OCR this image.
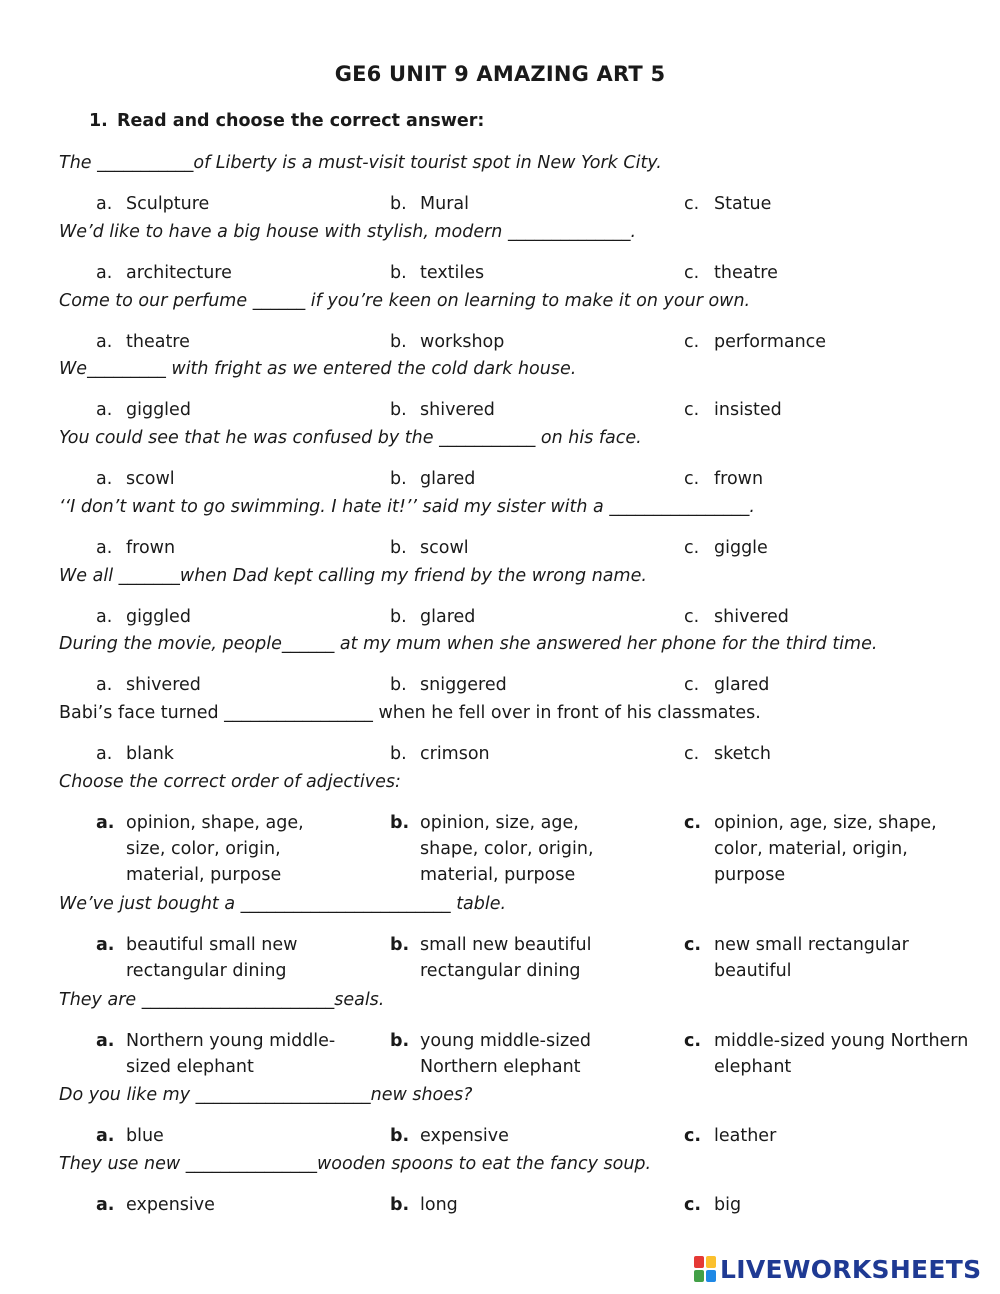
GE6 UNIT 9 AMAZING ART 5
1. Read and choose the correct answer:
The ___________of Liberty is a must-visit tourist spot in New York City.
a. Sculpture	b. Mural	c. Statue
We’d like to have a big house with stylish, modern ______________.
a. architecture	b. textiles	c. theatre
Come to our perfume ______ if you’re keen on learning to make it on your own.
a. theatre	b. workshop	c. performance
We_________ with fright as we entered the cold dark house.
a. giggled	b. shivered	c. insisted
You could see that he was confused by the ___________ on his face.
a. scowl	b. glared	c. frown
‘‘I don’t want to go swimming. I hate it!’’ said my sister with a ________________.
a. frown	b. scowl	c. giggle
We all _______when Dad kept calling my friend by the wrong name.
a. giggled	b. glared	c. shivered
During the movie, people______ at my mum when she answered her phone for the third time.
a. shivered	b. sniggered	c. glared
Babi’s face turned _________________ when he fell over in front of his classmates.
a. blank	b. crimson	c. sketch
Choose the correct order of adjectives:
a. opinion, shape, age, size, color, origin, material, purpose
b. opinion, size, age, shape, color, origin, material, purpose
c. opinion, age, size, shape, color, material, origin, purpose
We’ve just bought a ________________________ table.
a. beautiful small new rectangular dining
b. small new beautiful rectangular dining
c. new small rectangular beautiful
They are ______________________seals.
a. Northern young middle-sized elephant
b. young middle-sized Northern elephant
c. middle-sized young Northern elephant
Do you like my ____________________new shoes?
a. blue	b. expensive	c. leather
They use new _______________wooden spoons to eat the fancy soup.
a. expensive	b. long	c. big
LIVEWORKSHEETS
